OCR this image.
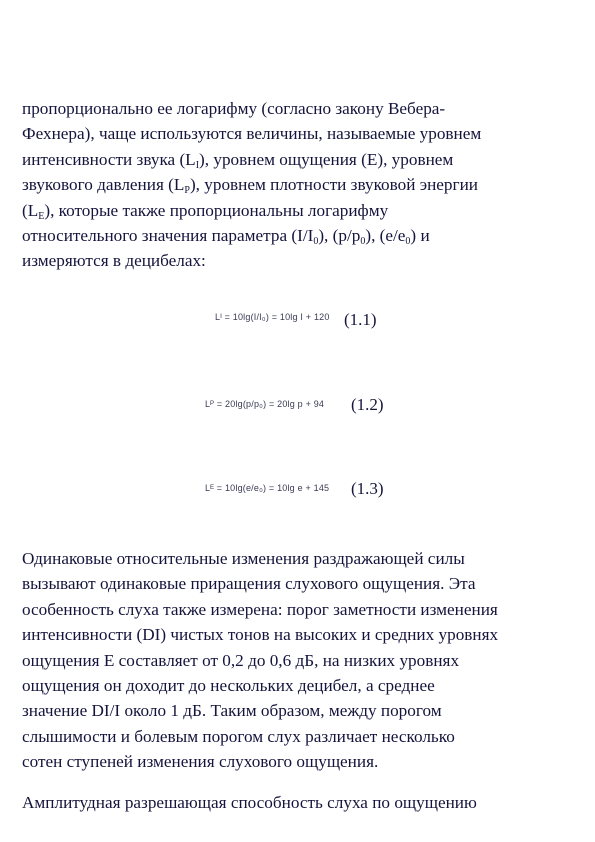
пропорционально ее логарифму (согласно закону Вебера-
Фехнера), чаще используются величины, называемые уровнем
интенсивности звука $(L_I)$, уровнем ощущения (E), уровнем
звукового давления $(L_P)$, уровнем плотности звуковой энергии
$(L_E)$, которые также пропорциональны логарифму
относительного значения параметра $(I/I_0)$, $(p/p_0)$, $(e/e_0)$ и
измеряются в децибелах:
Lᴵ = 10lg(I/I₀) = 10lg I + 120 (1.1)
Lᴾ = 20lg(p/p₀) = 20lg p + 94 (1.2)
Lᴱ = 10lg(e/e₀) = 10lg e + 145 (1.3)
Одинаковые относительные изменения раздражающей силы
вызывают одинаковые приращения слухового ощущения. Эта
особенность слуха также измерена: порог заметности изменения
интенсивности (DI) чистых тонов на высоких и средних уровнях
ощущения E составляет от 0,2 до 0,6 дБ, на низких уровнях
ощущения он доходит до нескольких децибел, а среднее
значение DI/I около 1 дБ. Таким образом, между порогом
слышимости и болевым порогом слух различает несколько
сотен ступеней изменения слухового ощущения.
Амплитудная разрешающая способность слуха по ощущению
